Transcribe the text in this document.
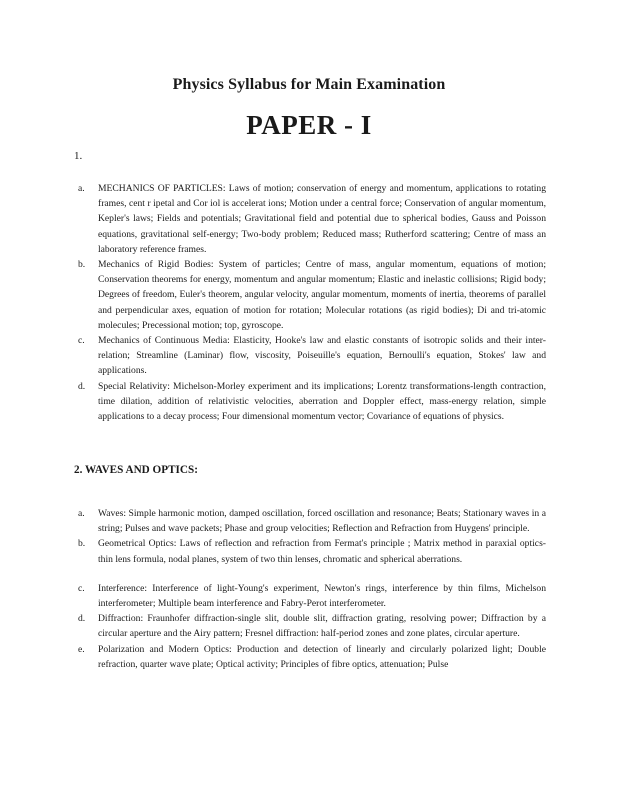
Physics Syllabus for Main Examination
PAPER - I
1.
a. MECHANICS OF PARTICLES: Laws of motion; conservation of energy and momentum, applications to rotating frames, cent r ipetal and Cor iol is accelerat ions; Motion under a central force; Conservation of angular momentum, Kepler's laws; Fields and potentials; Gravitational field and potential due to spherical bodies, Gauss and Poisson equations, gravitational self-energy; Two-body problem; Reduced mass; Rutherford scattering; Centre of mass an laboratory reference frames.
b. Mechanics of Rigid Bodies: System of particles; Centre of mass, angular momentum, equations of motion; Conservation theorems for energy, momentum and angular momentum; Elastic and inelastic collisions; Rigid body; Degrees of freedom, Euler's theorem, angular velocity, angular momentum, moments of inertia, theorems of parallel and perpendicular axes, equation of motion for rotation; Molecular rotations (as rigid bodies); Di and tri-atomic molecules; Precessional motion; top, gyroscope.
c. Mechanics of Continuous Media: Elasticity, Hooke's law and elastic constants of isotropic solids and their inter-relation; Streamline (Laminar) flow, viscosity, Poiseuille's equation, Bernoulli's equation, Stokes' law and applications.
d. Special Relativity: Michelson-Morley experiment and its implications; Lorentz transformations-length contraction, time dilation, addition of relativistic velocities, aberration and Doppler effect, mass-energy relation, simple applications to a decay process; Four dimensional momentum vector; Covariance of equations of physics.
2. WAVES AND OPTICS:
a. Waves: Simple harmonic motion, damped oscillation, forced oscillation and resonance; Beats; Stationary waves in a string; Pulses and wave packets; Phase and group velocities; Reflection and Refraction from Huygens' principle.
b. Geometrical Optics: Laws of reflection and refraction from Fermat's principle ; Matrix method in paraxial optics-thin lens formula, nodal planes, system of two thin lenses, chromatic and spherical aberrations.
c. Interference: Interference of light-Young's experiment, Newton's rings, interference by thin films, Michelson interferometer; Multiple beam interference and Fabry-Perot interferometer.
d. Diffraction: Fraunhofer diffraction-single slit, double slit, diffraction grating, resolving power; Diffraction by a circular aperture and the Airy pattern; Fresnel diffraction: half-period zones and zone plates, circular aperture.
e. Polarization and Modern Optics: Production and detection of linearly and circularly polarized light; Double refraction, quarter wave plate; Optical activity; Principles of fibre optics, attenuation; Pulse
